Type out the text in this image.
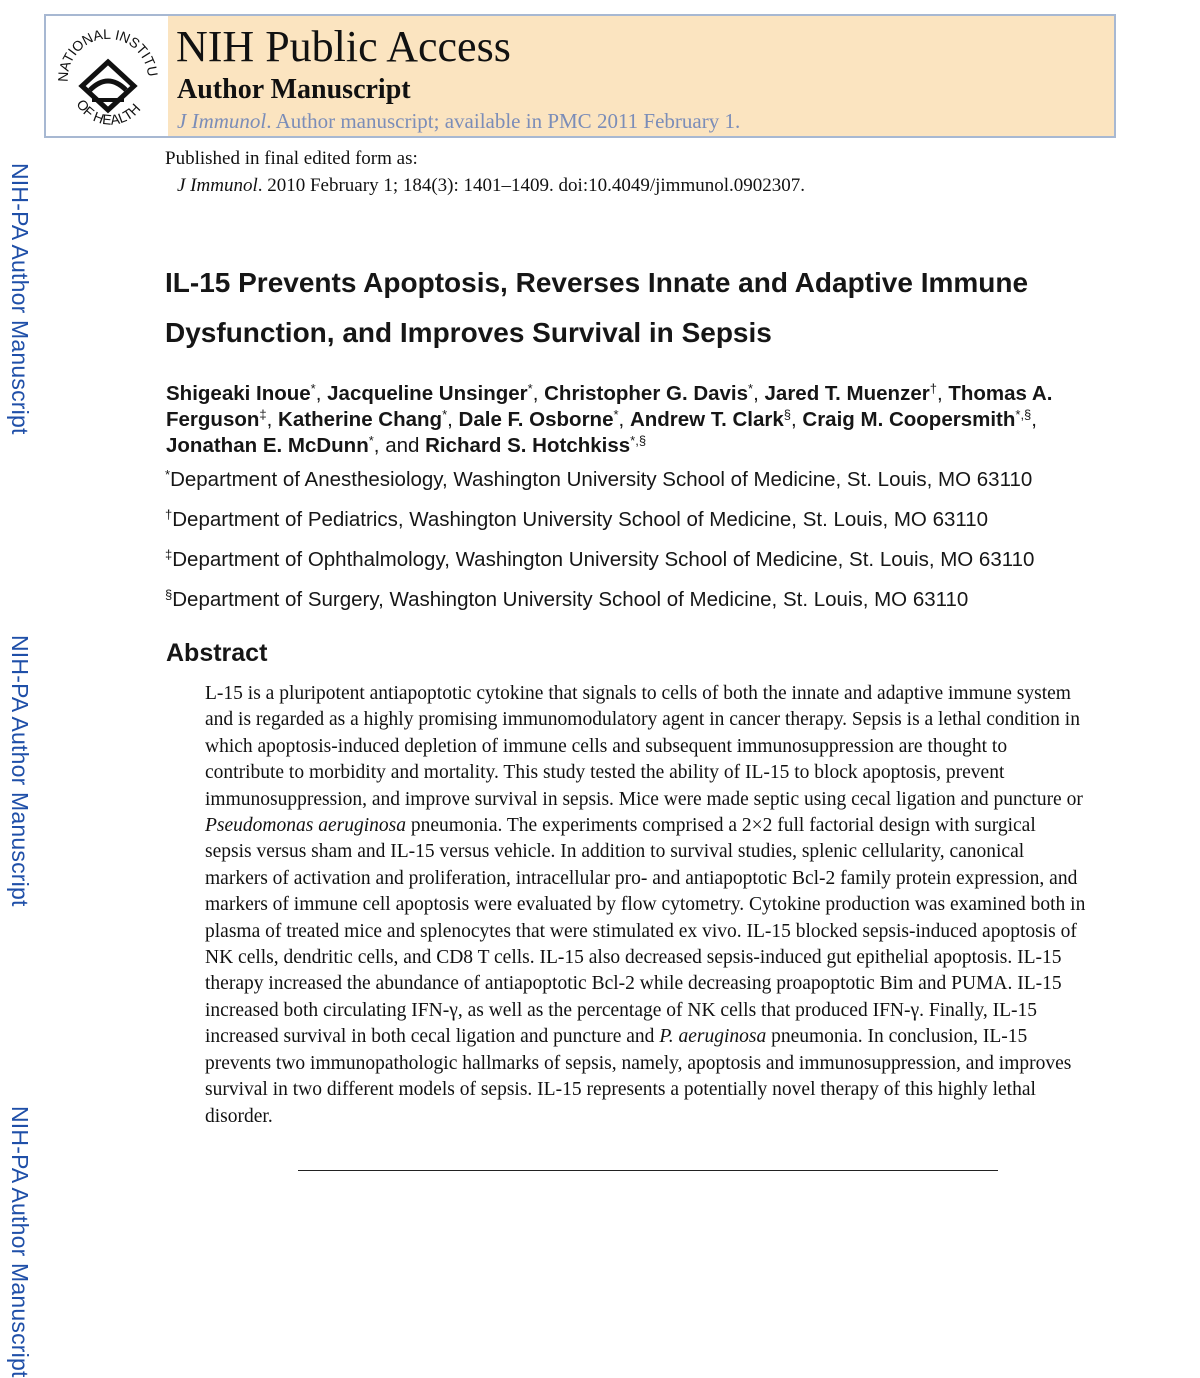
NIH-PA Author Manuscript
NIH-PA Author Manuscript
NIH-PA Author Manuscript
NATIONAL INSTITU
OF HEALTH
NIH Public Access
Author Manuscript
J Immunol. Author manuscript; available in PMC 2011 February 1.
Published in final edited form as:
J Immunol. 2010 February 1; 184(3): 1401–1409. doi:10.4049/jimmunol.0902307.
IL-15 Prevents Apoptosis, Reverses Innate and Adaptive Immune
Dysfunction, and Improves Survival in Sepsis
Shigeaki Inoue*, Jacqueline Unsinger*, Christopher G. Davis*, Jared T. Muenzer†, Thomas A. Ferguson‡, Katherine Chang*, Dale F. Osborne*, Andrew T. Clark§, Craig M. Coopersmith*,§, Jonathan E. McDunn*, and Richard S. Hotchkiss*,§
*Department of Anesthesiology, Washington University School of Medicine, St. Louis, MO 63110
†Department of Pediatrics, Washington University School of Medicine, St. Louis, MO 63110
‡Department of Ophthalmology, Washington University School of Medicine, St. Louis, MO 63110
§Department of Surgery, Washington University School of Medicine, St. Louis, MO 63110
Abstract
L-15 is a pluripotent antiapoptotic cytokine that signals to cells of both the innate and adaptive immune system and is regarded as a highly promising immunomodulatory agent in cancer therapy. Sepsis is a lethal condition in which apoptosis-induced depletion of immune cells and subsequent immunosuppression are thought to contribute to morbidity and mortality. This study tested the ability of IL-15 to block apoptosis, prevent immunosuppression, and improve survival in sepsis. Mice were made septic using cecal ligation and puncture or Pseudomonas aeruginosa pneumonia. The experiments comprised a 2×2 full factorial design with surgical sepsis versus sham and IL-15 versus vehicle. In addition to survival studies, splenic cellularity, canonical markers of activation and proliferation, intracellular pro- and antiapoptotic Bcl-2 family protein expression, and markers of immune cell apoptosis were evaluated by flow cytometry. Cytokine production was examined both in plasma of treated mice and splenocytes that were stimulated ex vivo. IL-15 blocked sepsis-induced apoptosis of NK cells, dendritic cells, and CD8 T cells. IL-15 also decreased sepsis-induced gut epithelial apoptosis. IL-15 therapy increased the abundance of antiapoptotic Bcl-2 while decreasing proapoptotic Bim and PUMA. IL-15 increased both circulating IFN-γ, as well as the percentage of NK cells that produced IFN-γ. Finally, IL-15 increased survival in both cecal ligation and puncture and P. aeruginosa pneumonia. In conclusion, IL-15 prevents two immunopathologic hallmarks of sepsis, namely, apoptosis and immunosuppression, and improves survival in two different models of sepsis. IL-15 represents a potentially novel therapy of this highly lethal disorder.
